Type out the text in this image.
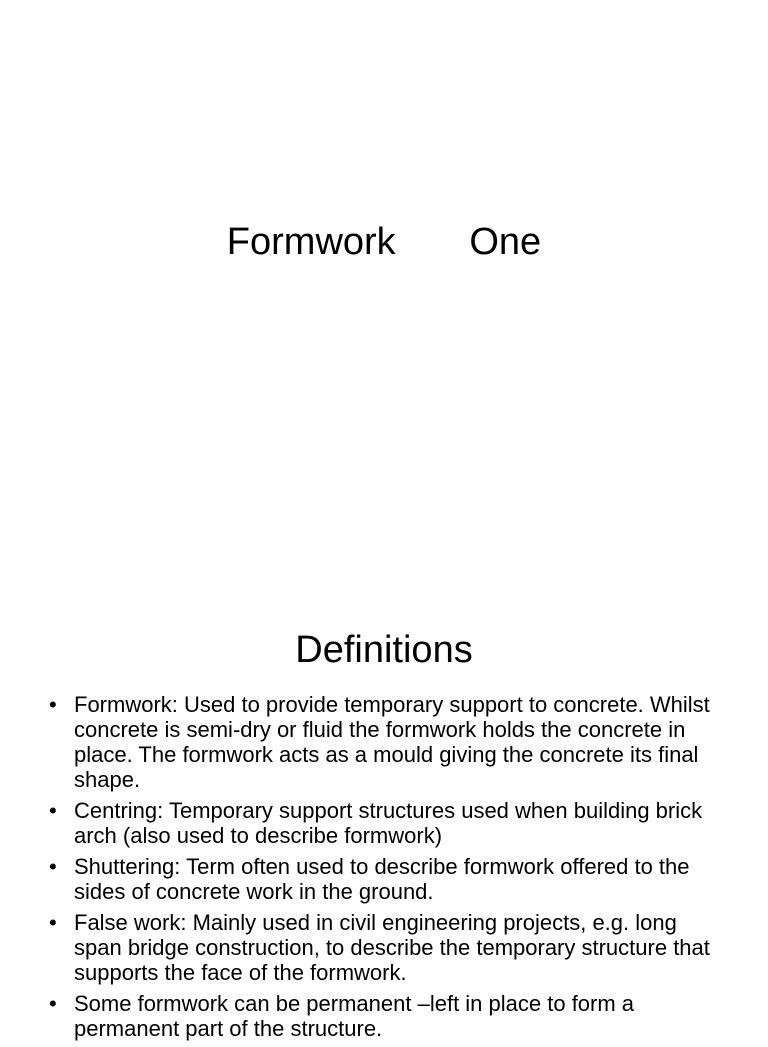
Formwork   One
Definitions
• Formwork: Used to provide temporary support to concrete. Whilst concrete is semi-dry or fluid the formwork holds the concrete in place. The formwork acts as a mould giving the concrete its final shape.
• Centring: Temporary support structures used when building brick arch (also used to describe formwork)
• Shuttering: Term often used to describe formwork offered to the sides of concrete work in the ground.
• False work: Mainly used in civil engineering projects, e.g. long span bridge construction, to describe the temporary structure that supports the face of the formwork.
• Some formwork can be permanent –left in place to form a permanent part of the structure.
